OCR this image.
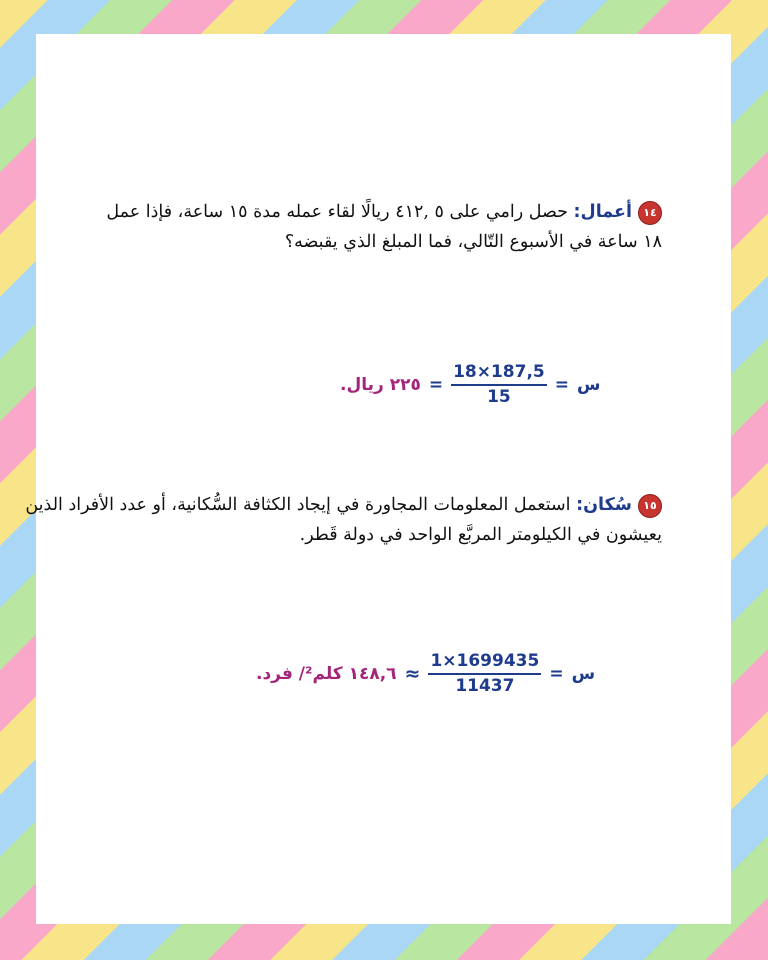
١٤أعمال: حصل رامي على ٥ ,٤١٢ ريالًا لقاء عمله مدة ١٥ ساعة، فإذا عمل
١٨ ساعة في الأسبوع التّالي، فما المبلغ الذي يقبضه؟
س
=
$\frac{18\times 187,5}{15}$
=
٢٢٥ ريال.
١٥سُكان: استعمل المعلومات المجاورة في إيجاد الكثافة السُّكانية، أو عدد الأفراد الذين
يعيشون في الكيلومتر المربَّع الواحد في دولة قَطر.
س
=
$\frac{1\times 1699435}{11437}$
≈
١٤٨,٦ كلم²/ فرد.
